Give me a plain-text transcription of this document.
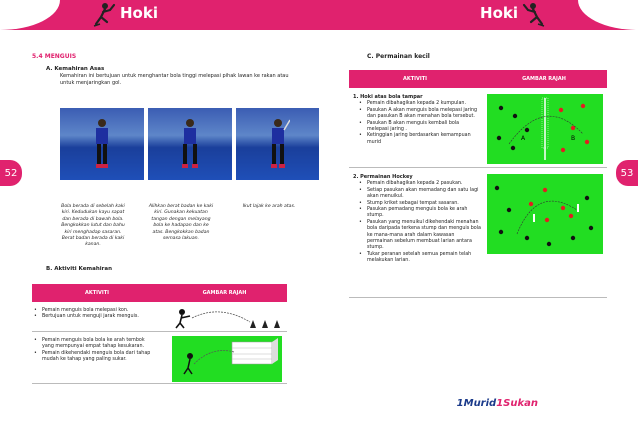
Hoki
52
5.4 MENGUIS
A. Kemahiran Asas
Kemahiran ini bertujuan untuk menghantar bola tinggi melepasi pihak lawan ke rakan atau untuk menjaringkan gol.
Bola berada di sebelah kaki kiri. Kedudukan kayu sapat dan berada di bawah bola. Bengkokkan lutut dan bahu kiri menghadap sasaran. Berat badan berada di kaki kanan.
Alihkan berat badan ke kaki kiri. Gunakan kekuatan tangan dengan melayang bola ke hadapan dan ke atas. Bengkokkan badan semasa lakuan.
Ikut lajak ke arah atas.
B. Aktiviti Kemahiran
AKTIVITI	GAMBAR RAJAH
• Pemain menguis bola melepasi kon.
• Bertujuan untuk menguji jarak menguis.
• Pemain menguis bola bola ke arah tembok yang mempunyai empat tahap kesukaran.
• Pemain dikehendaki menguis bola dari tahap mudah ke tahap yang paling sukar.
Hoki
53
C. Permainan kecil
AKTIVITI	GAMBAR RAJAH
1. Hoki atas bola tampar
• Pemain dibahagikan kepada 2 kumpulan.
• Pasukan A akan menguis bola melepasi jaring dan pasukan B akan menahan bola tersebut.
• Pasukan B akan menguis kembali bola melepasi jaring .
• Ketinggian jaring berdasarkan kemampuan murid
A	B
2. Permainan Hockey
• Pemain dibahagikan kepada 2 pasukan.
• Setiap pasukan akan memadang dan satu lagi akan menuikul.
• Stump kriket sebagai tempat sasaran.
• Pasukan pemadang menguis bola ke arah stump.
• Pasukan yang menuikul dikehendaki menahan bola daripada terkena stump dan menguis bola ke mana-mana arah dalam kawasan permainan sebelum membuat larian antara stump.
• Tukar peranan setelah semua pemain telah melakukan larian.
1Murid1Sukan
